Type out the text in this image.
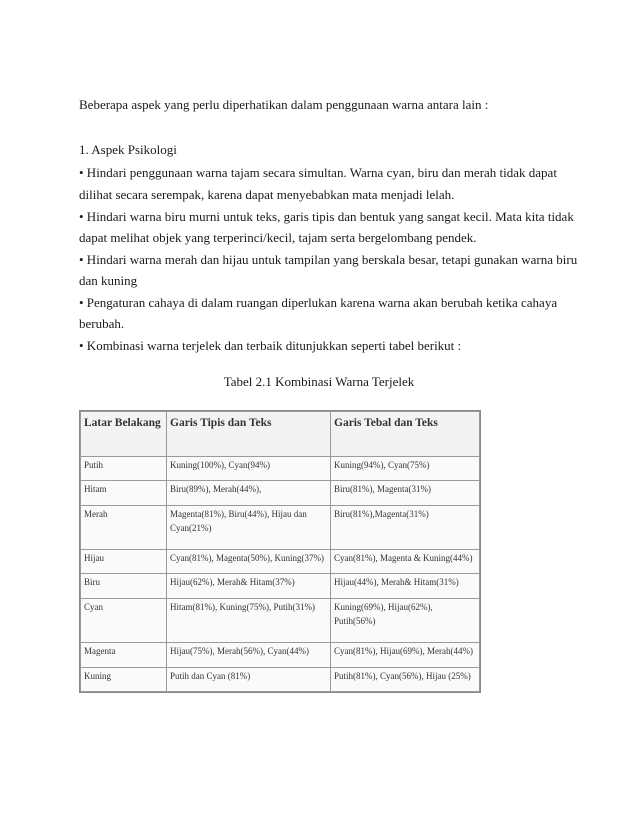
Beberapa aspek yang perlu diperhatikan dalam penggunaan warna antara lain :
1. Aspek Psikologi
• Hindari penggunaan warna tajam secara simultan. Warna cyan, biru dan merah tidak dapat
dilihat secara serempak, karena dapat menyebabkan mata menjadi lelah.
• Hindari warna biru murni untuk teks, garis tipis dan bentuk yang sangat kecil. Mata kita tidak
dapat melihat objek yang terperinci/kecil, tajam serta bergelombang pendek.
• Hindari warna merah dan hijau untuk tampilan yang berskala besar, tetapi gunakan warna biru
dan kuning
• Pengaturan cahaya di dalam ruangan diperlukan karena warna akan berubah ketika cahaya
berubah.
• Kombinasi warna terjelek dan terbaik ditunjukkan seperti tabel berikut :
Tabel 2.1 Kombinasi Warna Terjelek
Latar Belakang	Garis Tipis dan Teks	Garis Tebal dan Teks
Putih	Kuning(100%), Cyan(94%)	Kuning(94%), Cyan(75%)
Hitam	Biru(89%), Merah(44%),	Biru(81%), Magenta(31%)
Merah	Magenta(81%), Biru(44%), Hijau dan Cyan(21%)	Biru(81%),Magenta(31%)
Hijau	Cyan(81%), Magenta(50%), Kuning(37%)	Cyan(81%), Magenta & Kuning(44%)
Biru	Hijau(62%), Merah& Hitam(37%)	Hijau(44%), Merah& Hitam(31%)
Cyan	Hitam(81%), Kuning(75%), Putih(31%)	Kuning(69%), Hijau(62%), Putih(56%)
Magenta	Hijau(75%), Merah(56%), Cyan(44%)	Cyan(81%), Hijau(69%), Merah(44%)
Kuning	Putih dan Cyan (81%)	Putih(81%), Cyan(56%), Hijau (25%)
